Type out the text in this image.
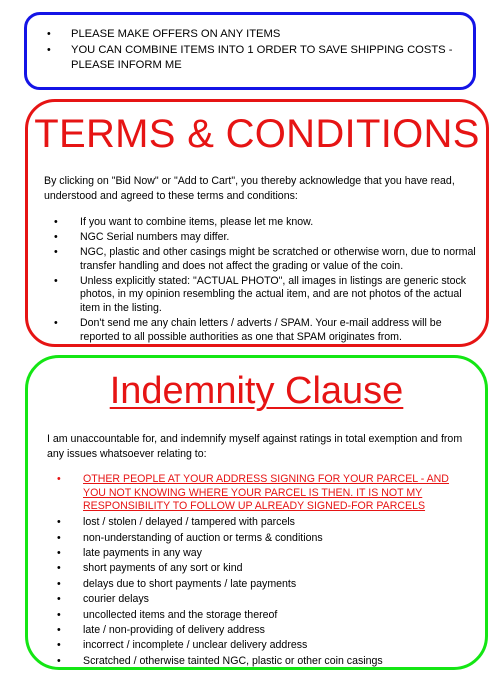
• PLEASE MAKE OFFERS ON ANY ITEMS
• YOU CAN COMBINE ITEMS INTO 1 ORDER TO SAVE SHIPPING COSTS - PLEASE INFORM ME
TERMS & CONDITIONS

By clicking on "Bid Now" or "Add to Cart", you thereby acknowledge that you have read, understood and agreed to these terms and conditions:

• If you want to combine items, please let me know.
• NGC Serial numbers may differ.
• NGC, plastic and other casings might be scratched or otherwise worn, due to normal transfer handling and does not affect the grading or value of the coin.
• Unless explicitly stated: "ACTUAL PHOTO", all images in listings are generic stock photos, in my opinion resembling the actual item, and are not photos of the actual item in the listing.
• Don't send me any chain letters / adverts / SPAM. Your e-mail address will be reported to all possible authorities as one that SPAM originates from.
Indemnity Clause

I am unaccountable for, and indemnify myself against ratings in total exemption and from any issues whatsoever relating to:

• OTHER PEOPLE AT YOUR ADDRESS SIGNING FOR YOUR PARCEL - AND YOU NOT KNOWING WHERE YOUR PARCEL IS THEN. IT IS NOT MY RESPONSIBILITY TO FOLLOW UP ALREADY SIGNED-FOR PARCELS
• lost / stolen / delayed / tampered with parcels
• non-understanding of auction or terms & conditions
• late payments in any way
• short payments of any sort or kind
• delays due to short payments / late payments
• courier delays
• uncollected items and the storage thereof
• late / non-providing of delivery address
• incorrect / incomplete / unclear delivery address
• Scratched / otherwise tainted NGC, plastic or other coin casings
